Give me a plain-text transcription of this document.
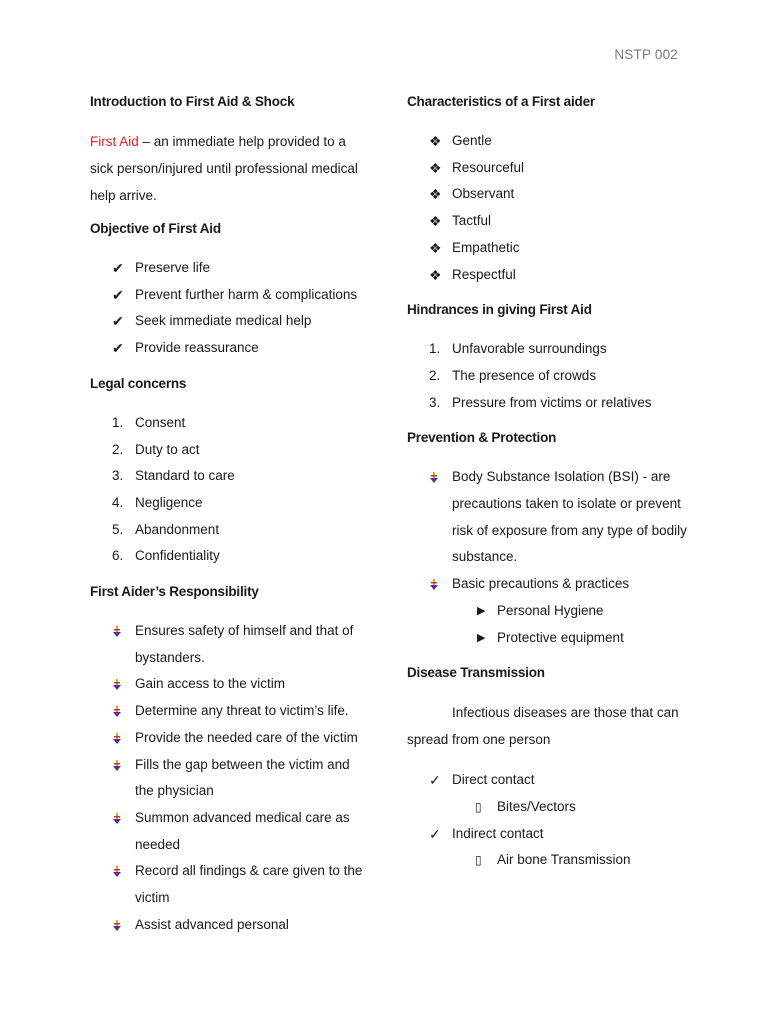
NSTP 002
Introduction to First Aid & Shock
First Aid – an immediate help provided to a sick person/injured until professional medical help arrive.
Objective of First Aid
✔ Preserve life
✔ Prevent further harm & complications
✔ Seek immediate medical help
✔ Provide reassurance
Legal concerns
1. Consent
2. Duty to act
3. Standard to care
4. Negligence
5. Abandonment
6. Confidentiality
First Aider’s Responsibility
Ensures safety of himself and that of bystanders.
Gain access to the victim
Determine any threat to victim’s life.
Provide the needed care of the victim
Fills the gap between the victim and the physician
Summon advanced medical care as needed
Record all findings & care given to the victim
Assist advanced personal
Characteristics of a First aider
❖ Gentle
❖ Resourceful
❖ Observant
❖ Tactful
❖ Empathetic
❖ Respectful
Hindrances in giving First Aid
1. Unfavorable surroundings
2. The presence of crowds
3. Pressure from victims or relatives
Prevention & Protection
Body Substance Isolation (BSI) - are precautions taken to isolate or prevent risk of exposure from any type of bodily substance.
Basic precautions & practices
▶ Personal Hygiene
▶ Protective equipment
Disease Transmission
Infectious diseases are those that can spread from one person
✓ Direct contact
▯	Bites/Vectors
✓ Indirect contact
▯	Air bone Transmission
